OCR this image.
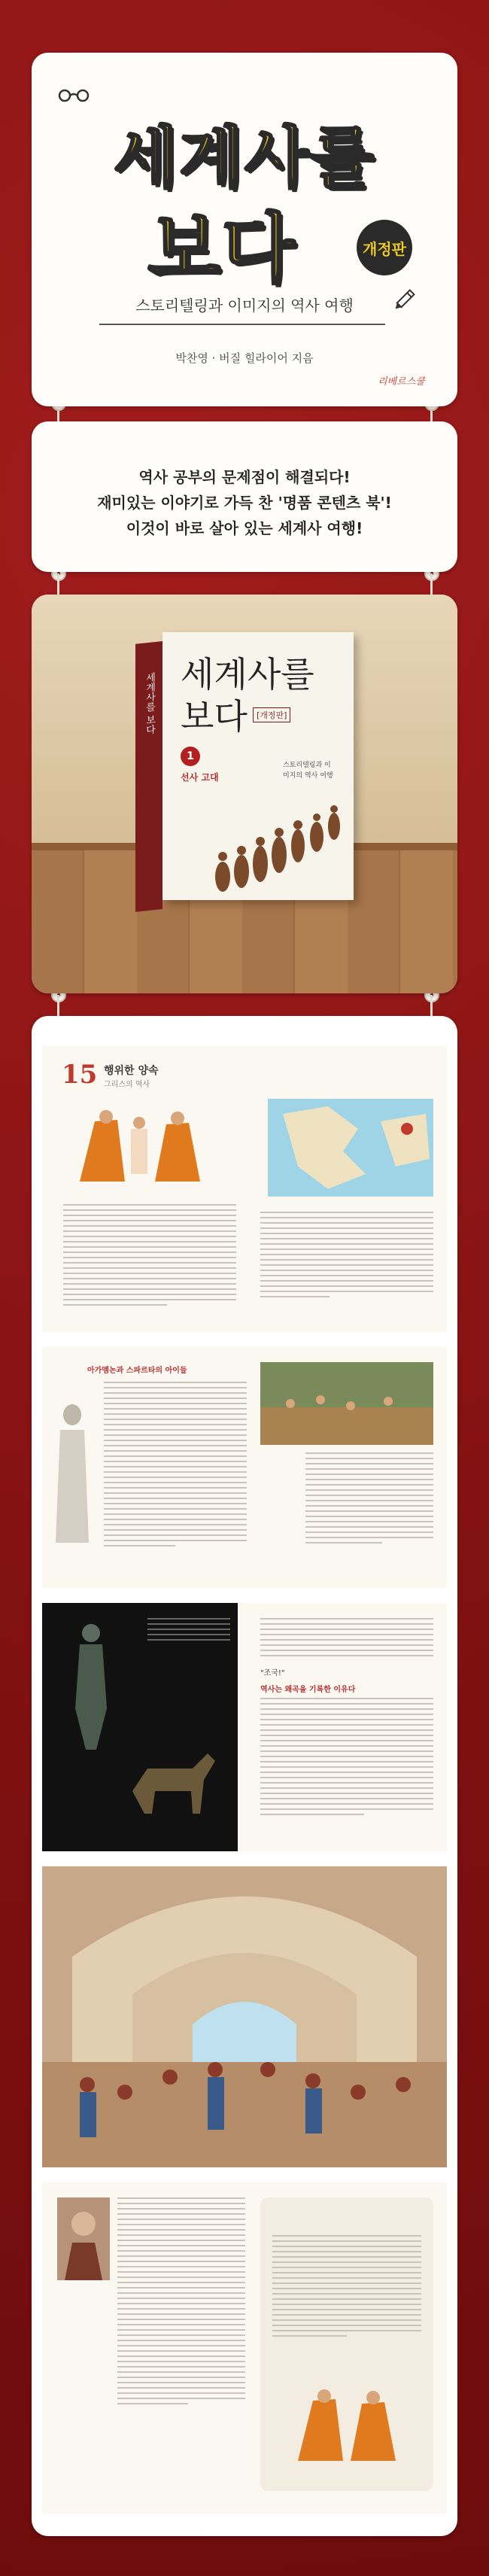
세계사를
보다	개정판
스토리텔링과 이미지의 역사 여행
박찬영 · 버질 힐라이어 지음
리베르스쿨
역사 공부의 문제점이 해결되다!
재미있는 이야기로 가득 찬 '명품 콘텐츠 북'!
이것이 바로 살아 있는 세계사 여행!
세계사를 보다 세계사를
보다	[개정판]
1
선사 고대
스토리텔링과 이미지의 역사 여행
15 행위한 양속
그리스의 역사
아가멤논과 스파르타의 아이들
"조국!"
역사는 왜곡을 기록한 이유다
